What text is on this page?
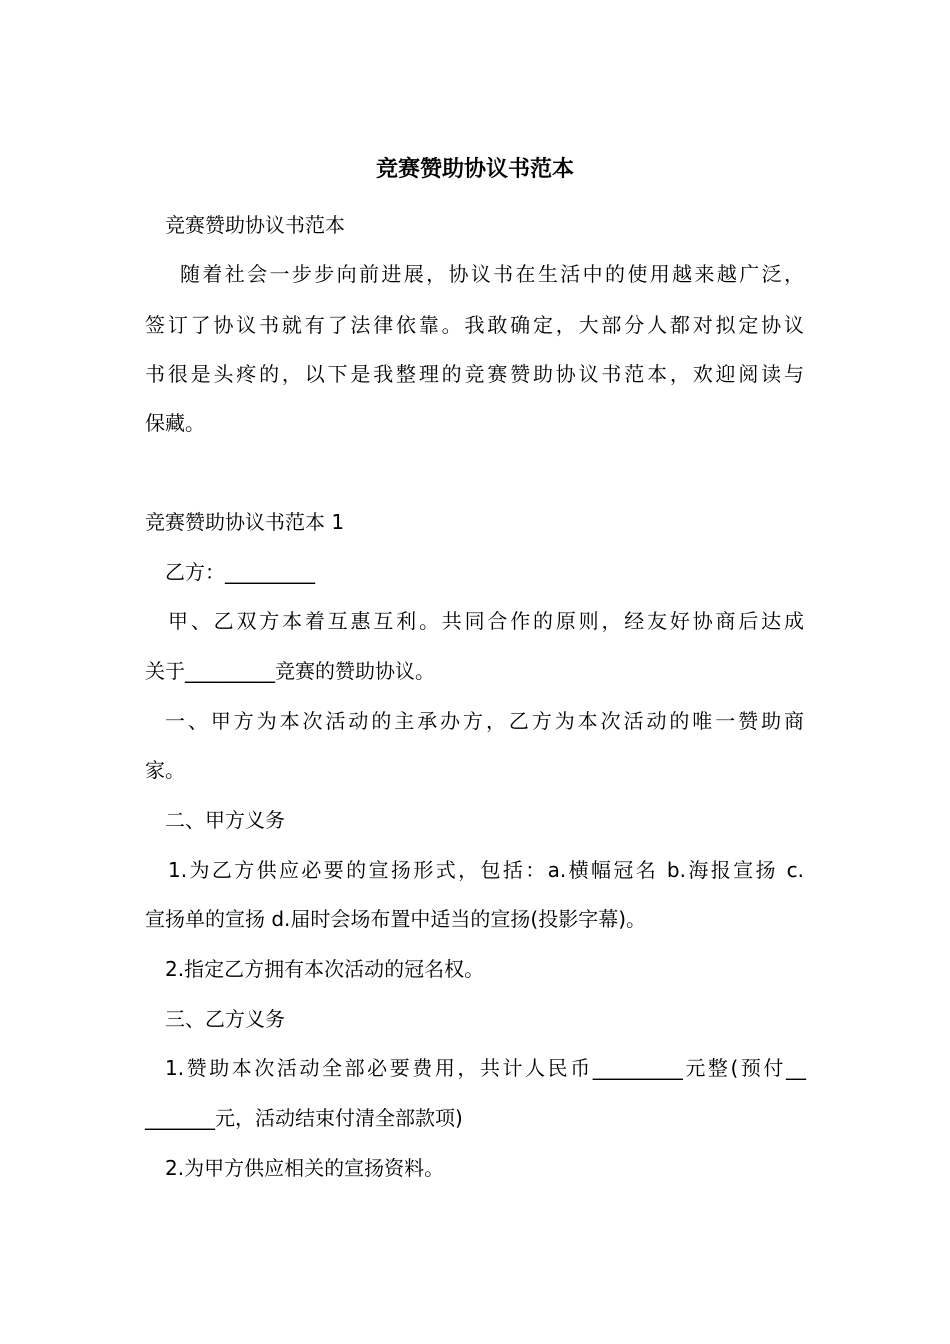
竞赛赞助协议书范本
竞赛赞助协议书范本
随着社会一步步向前进展，协议书在生活中的使用越来越广泛，
签订了协议书就有了法律依靠。我敢确定，大部分人都对拟定协议
书很是头疼的，以下是我整理的竞赛赞助协议书范本，欢迎阅读与
保藏。
竞赛赞助协议书范本 1
乙方：_________
甲、乙双方本着互惠互利。共同合作的原则，经友好协商后达成
关于_________竞赛的赞助协议。
一、甲方为本次活动的主承办方，乙方为本次活动的唯一赞助商
家。
二、甲方义务
1.为乙方供应必要的宣扬形式，包括：a.横幅冠名 b.海报宣扬 c.
宣扬单的宣扬 d.届时会场布置中适当的宣扬(投影字幕)。
2.指定乙方拥有本次活动的冠名权。
三、乙方义务
1.赞助本次活动全部必要费用，共计人民币_________元整(预付__
_______元，活动结束付清全部款项)
2.为甲方供应相关的宣扬资料。
